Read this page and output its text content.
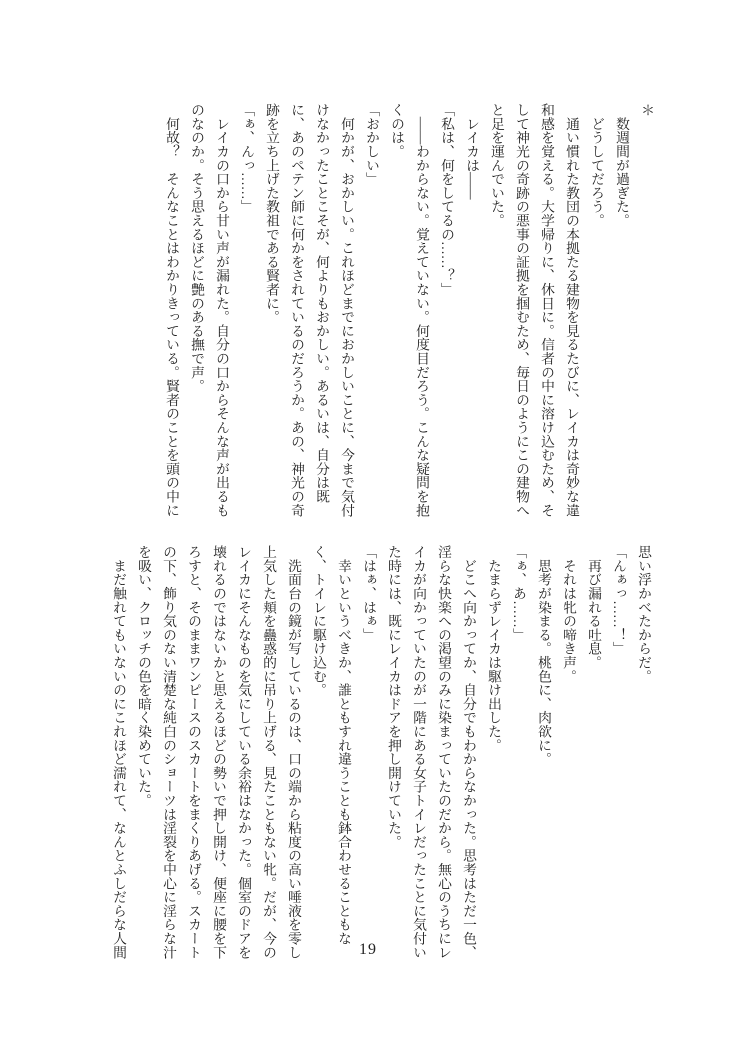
＊

　数週間が過ぎた。

　どうしてだろう。

　通い慣れた教団の本拠たる建物を見るたびに、レイカは奇妙な違

和感を覚える。大学帰りに、休日に。信者の中に溶け込むため、そ

して神光の奇跡の悪事の証拠を掴むため、毎日のようにこの建物へ

と足を運んでいた。

　レイカは――

「私は、何をしてるの……？」

　――わからない。覚えていない。何度目だろう。こんな疑問を抱

くのは。

「おかしい」

　何かが、おかしい。これほどまでにおかしいことに、今まで気付

けなかったことこそが、何よりもおかしい。あるいは、自分は既

に、あのペテン師に何かをされているのだろうか。あの、神光の奇

跡を立ち上げた教祖である賢者に。

「ぁ、んっ……」

　レイカの口から甘い声が漏れた。自分の口からそんな声が出るも

のなのか。そう思えるほどに艶のある撫で声。

　何故？　そんなことはわかりきっている。賢者のことを頭の中に

思い浮かべたからだ。

「んぁっ……！」

　再び漏れる吐息。

　それは牝の啼き声。

　思考が染まる。桃色に、肉欲に。

「ぁ、あ……」

　たまらずレイカは駆け出した。

　どこへ向かってか、自分でもわからなかった。思考はただ一色、

淫らな快楽への渇望のみに染まっていたのだから。無心のうちにレ

イカが向かっていたのが一階にある女子トイレだったことに気付い

た時には、既にレイカはドアを押し開けていた。

「はぁ、はぁ」

　幸いというべきか、誰ともすれ違うことも鉢合わせることもな

く、トイレに駆け込む。

　洗面台の鏡が写しているのは、口の端から粘度の高い唾液を零し

上気した頬を蠱惑的に吊り上げる、見たこともない牝。だが、今の

レイカにそんなものを気にしている余裕はなかった。個室のドアを

壊れるのではないかと思えるほどの勢いで押し開け、便座に腰を下

ろすと、そのままワンピースのスカートをまくりあげる。スカート

の下、飾り気のない清楚な純白のショーツは淫裂を中心に淫らな汁

を吸い、クロッチの色を暗く染めていた。

　まだ触れてもいないのにこれほど濡れて、なんとふしだらな人間	19
